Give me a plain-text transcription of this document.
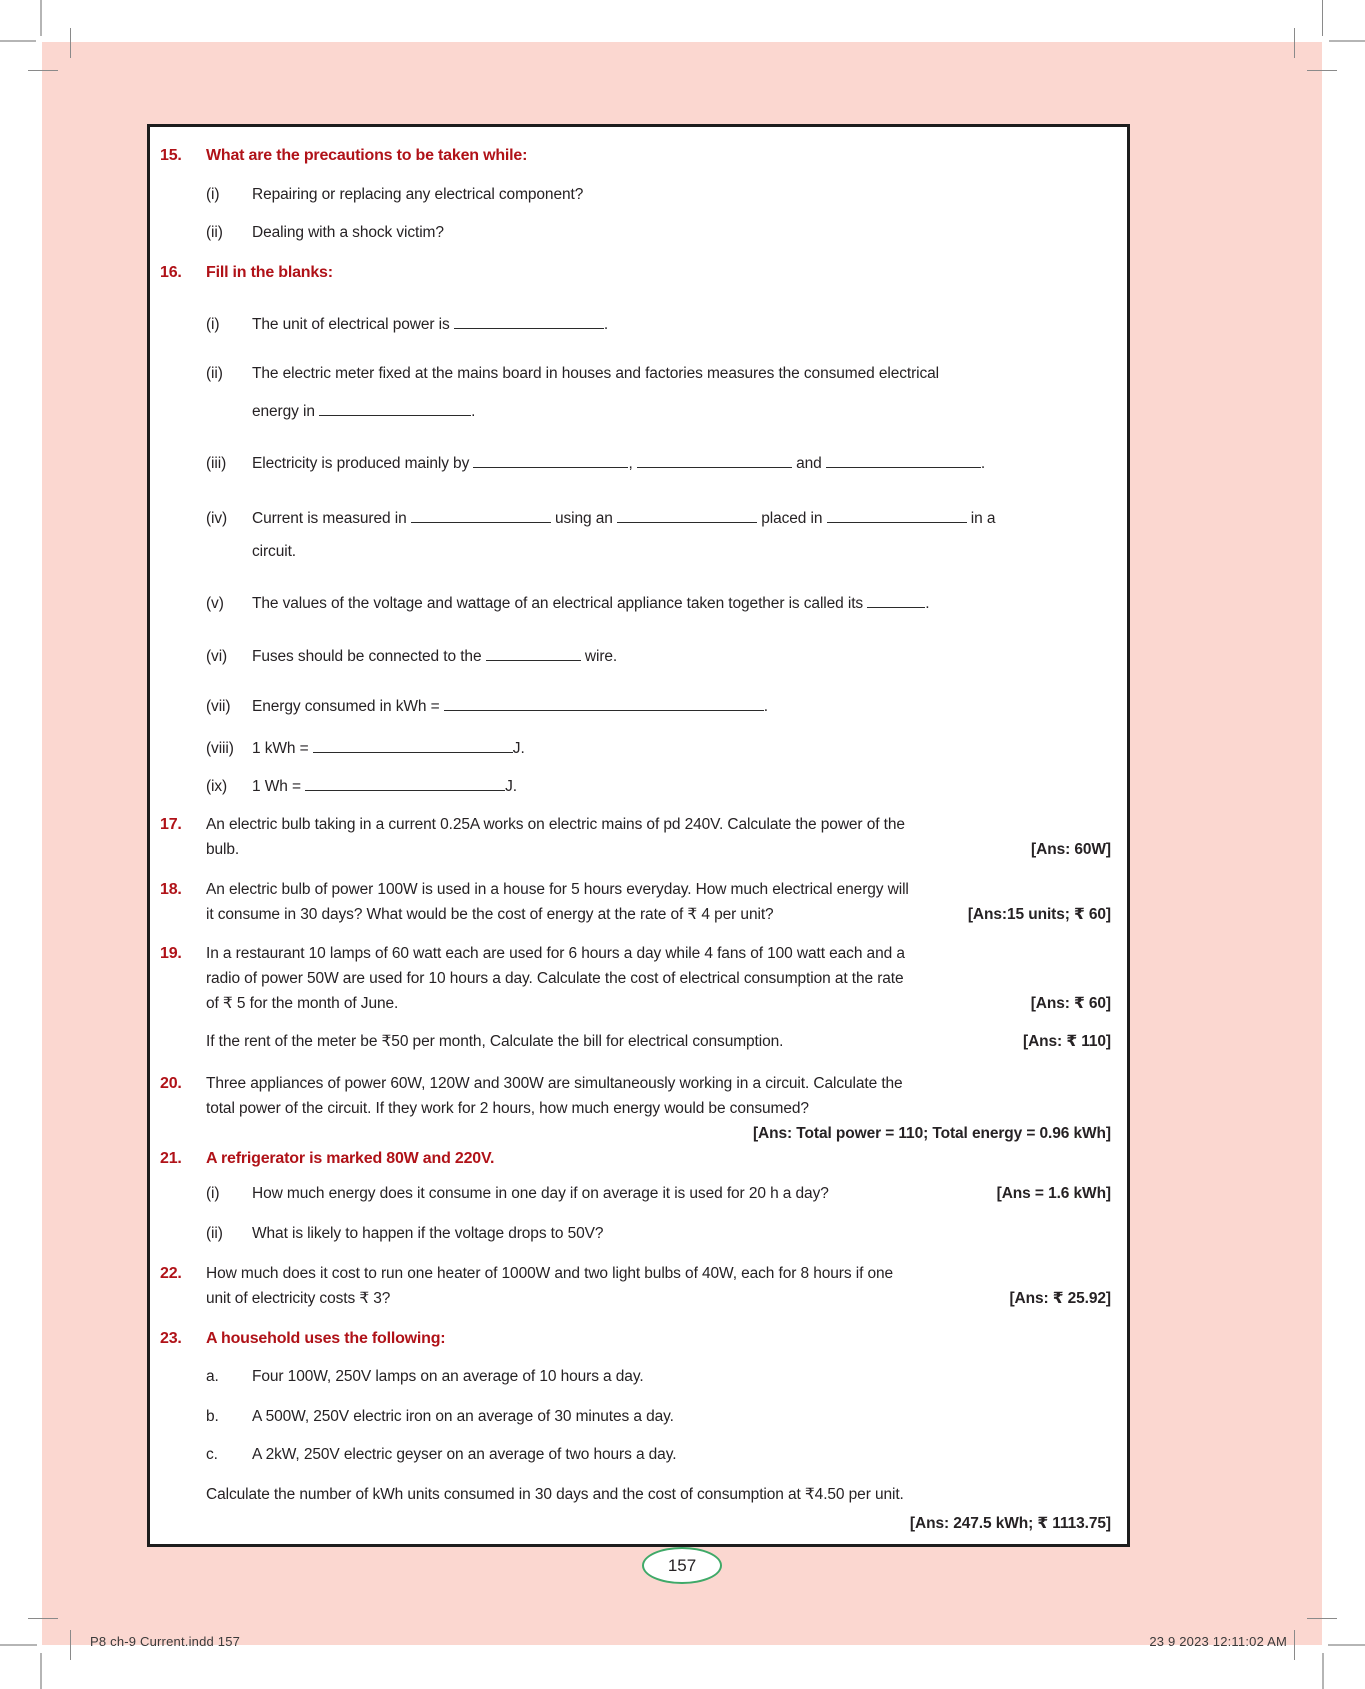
15.	What are the precautions to be taken while:
(i)	Repairing or replacing any electrical component?
(ii)	Dealing with a shock victim?
16.	Fill in the blanks:
(i)	The unit of electrical power is	.
(ii)	The electric meter fixed at the mains board in houses and factories measures the consumed electrical
energy in	.
(iii)	Electricity is produced mainly by	,	and	.
(iv)	Current is measured in	using an	placed in	in a
circuit.
(v)	The values of the voltage and wattage of an electrical appliance taken together is called its	.
(vi)	Fuses should be connected to the	wire.
(vii)	Energy consumed in kWh =	.
(viii)	1 kWh =	J.
(ix)	1 Wh =	J.
17.	An electric bulb taking in a current 0.25A works on electric mains of pd 240V. Calculate the power of the
bulb.	[Ans: 60W]
18.	An electric bulb of power 100W is used in a house for 5 hours everyday. How much electrical energy will
it consume in 30 days? What would be the cost of energy at the rate of ₹ 4 per unit?	[Ans:15 units; ₹ 60]
19.	In a restaurant 10 lamps of 60 watt each are used for 6 hours a day while 4 fans of 100 watt each and a
radio of power 50W are used for 10 hours a day. Calculate the cost of electrical consumption at the rate
of ₹ 5 for the month of June.	[Ans: ₹ 60]
If the rent of the meter be ₹50 per month, Calculate the bill for electrical consumption.	[Ans: ₹ 110]
20.	Three appliances of power 60W, 120W and 300W are simultaneously working in a circuit. Calculate the
total power of the circuit. If they work for 2 hours, how much energy would be consumed?
[Ans: Total power = 110; Total energy = 0.96 kWh]
21.	A refrigerator is marked 80W and 220V.
(i)	How much energy does it consume in one day if on average it is used for 20 h a day?	[Ans = 1.6 kWh]
(ii)	What is likely to happen if the voltage drops to 50V?
22.	How much does it cost to run one heater of 1000W and two light bulbs of 40W, each for 8 hours if one
unit of electricity costs ₹ 3?	[Ans: ₹ 25.92]
23.	A household uses the following:
a.	Four 100W, 250V lamps on an average of 10 hours a day.
b.	A 500W, 250V electric iron on an average of 30 minutes a day.
c.	A 2kW, 250V electric geyser on an average of two hours a day.
Calculate the number of kWh units consumed in 30 days and the cost of consumption at ₹4.50 per unit.
[Ans: 247.5 kWh; ₹ 1113.75]
157
P8 ch-9 Current.indd 157	23 9 2023 12:11:02 AM
